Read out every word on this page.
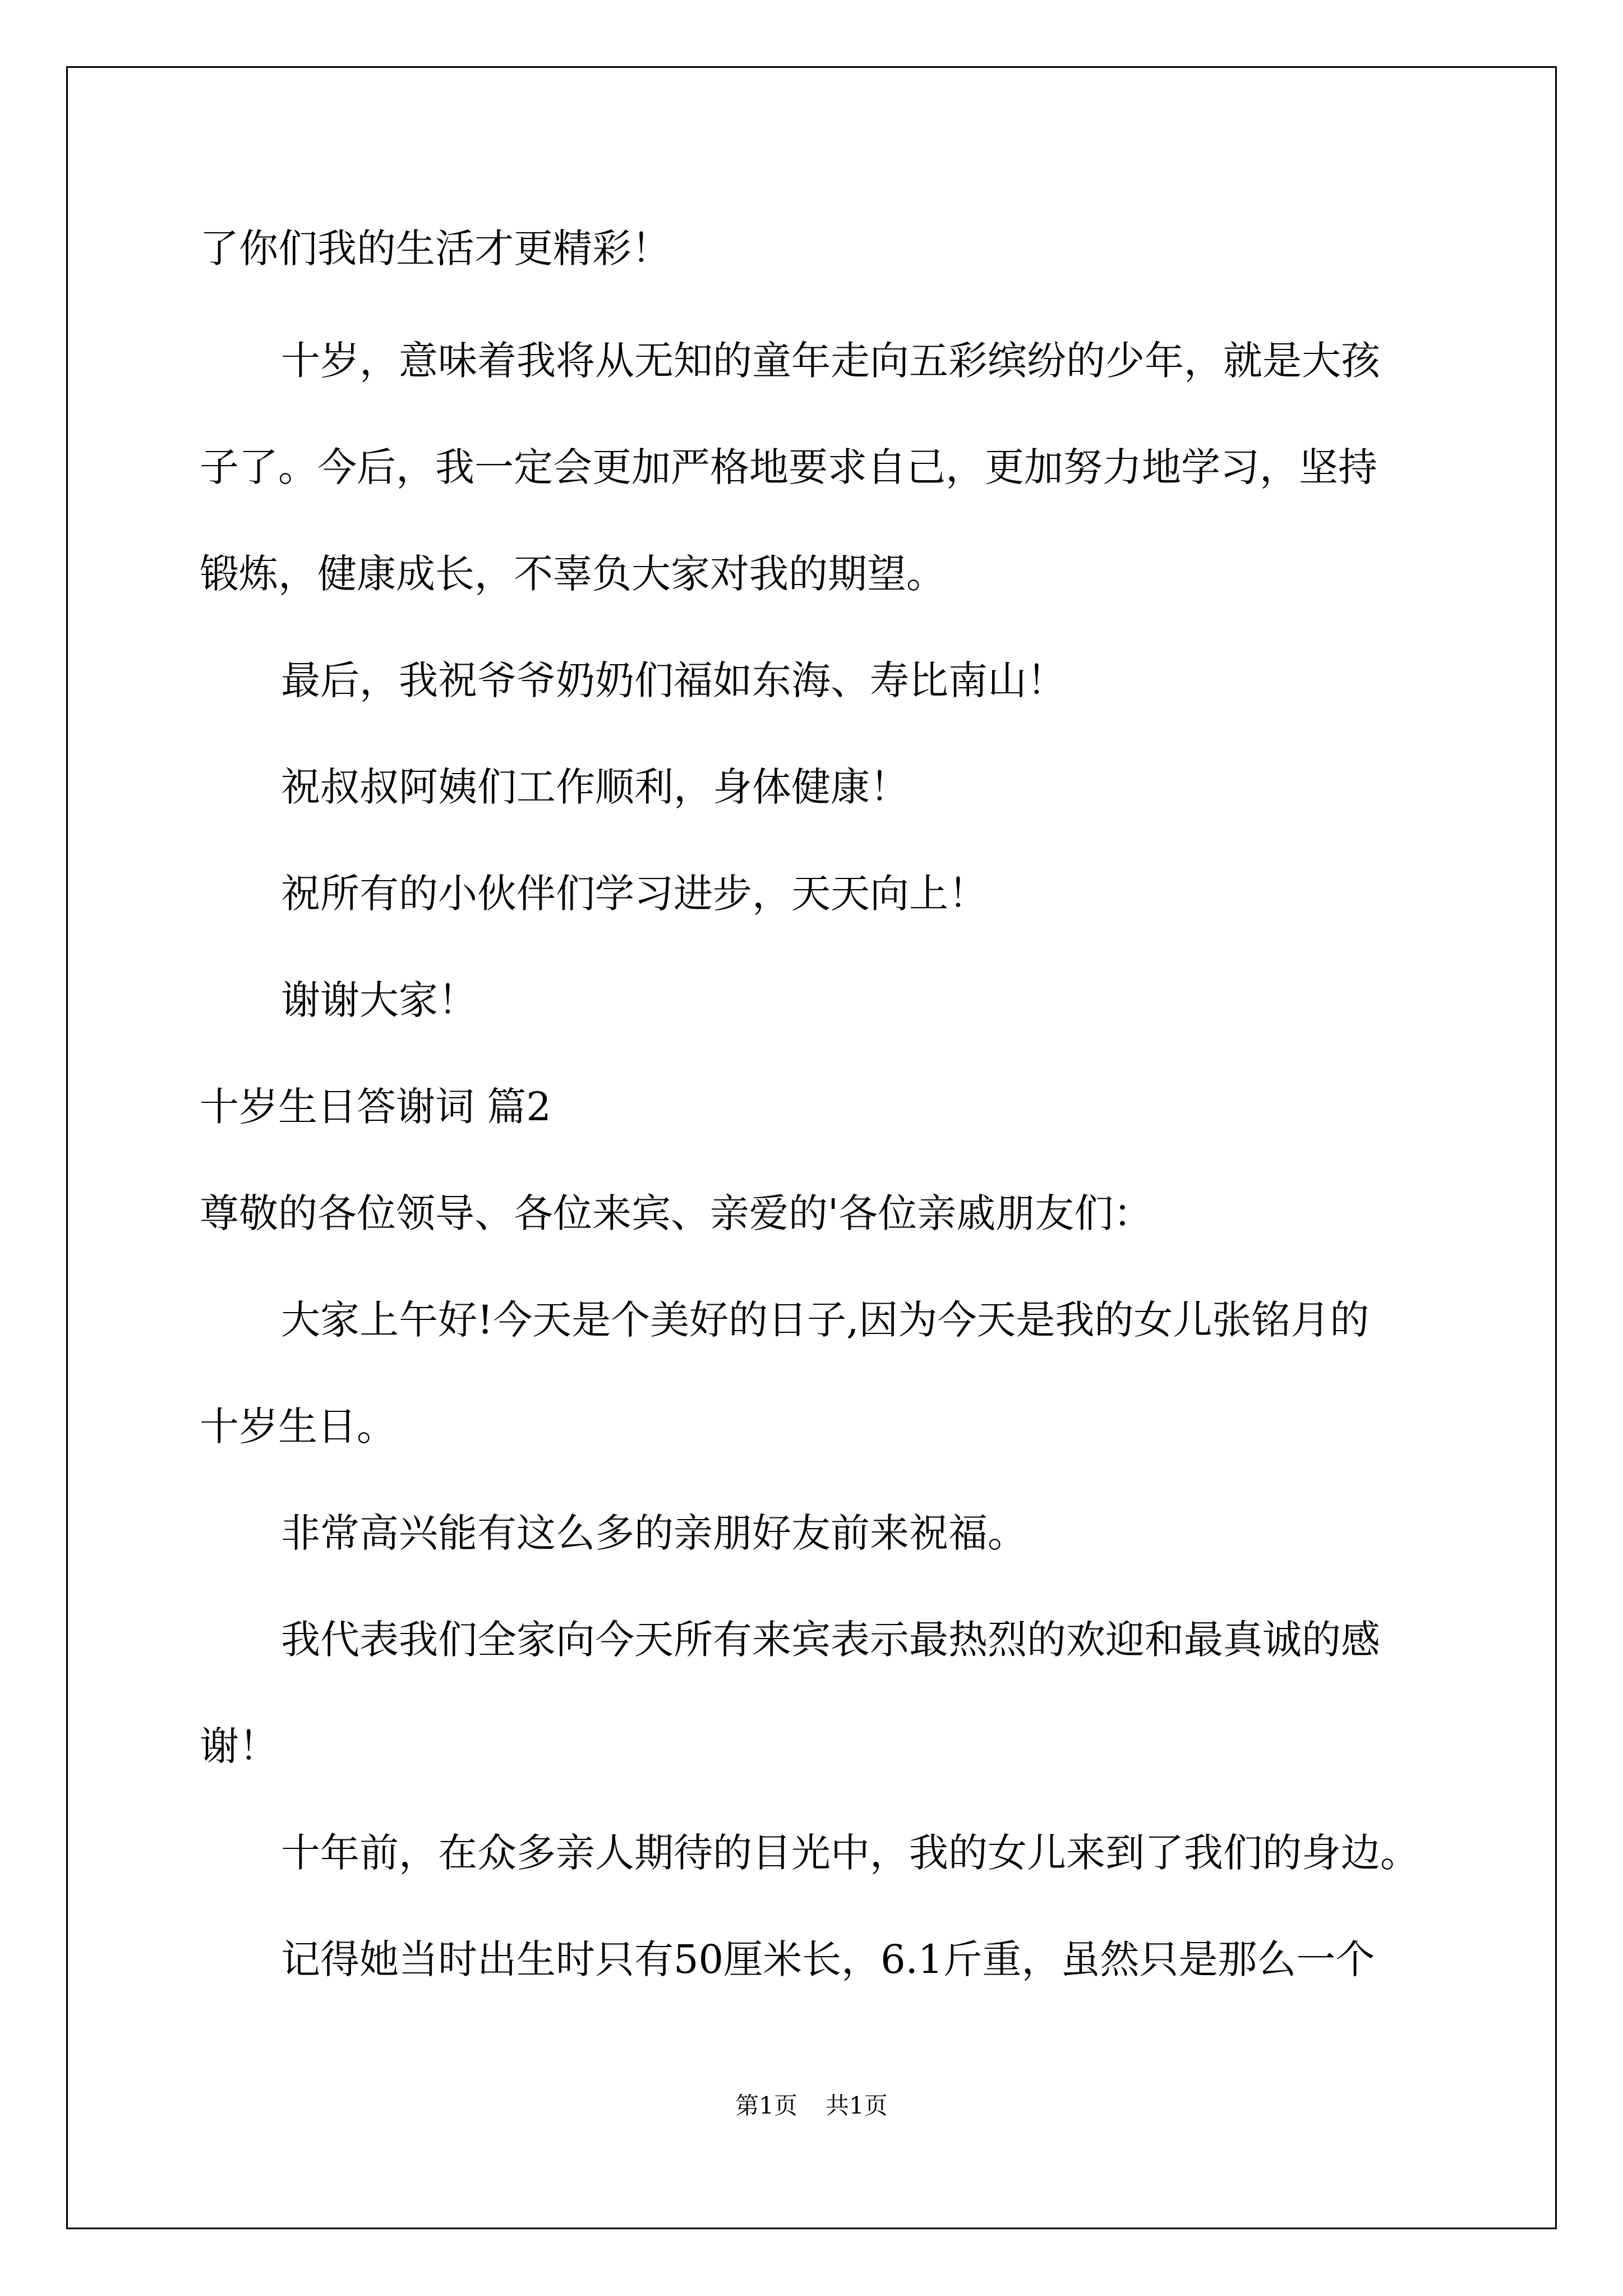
了你们我的生活才更精彩！

十岁，意味着我将从无知的童年走向五彩缤纷的少年，就是大孩

子了。今后，我一定会更加严格地要求自己，更加努力地学习，坚持

锻炼，健康成长，不辜负大家对我的期望。

最后，我祝爷爷奶奶们福如东海、寿比南山！

祝叔叔阿姨们工作顺利，身体健康！

祝所有的小伙伴们学习进步，天天向上！

谢谢大家！

十岁生日答谢词 篇2

尊敬的各位领导、各位来宾、亲爱的'各位亲戚朋友们：

大家上午好!今天是个美好的日子,因为今天是我的女儿张铭月的

十岁生日。

非常高兴能有这么多的亲朋好友前来祝福。

我代表我们全家向今天所有来宾表示最热烈的欢迎和最真诚的感

谢！

十年前，在众多亲人期待的目光中，我的女儿来到了我们的身边。

记得她当时出生时只有50厘米长，6.1斤重，虽然只是那么一个

第1页 共1页
